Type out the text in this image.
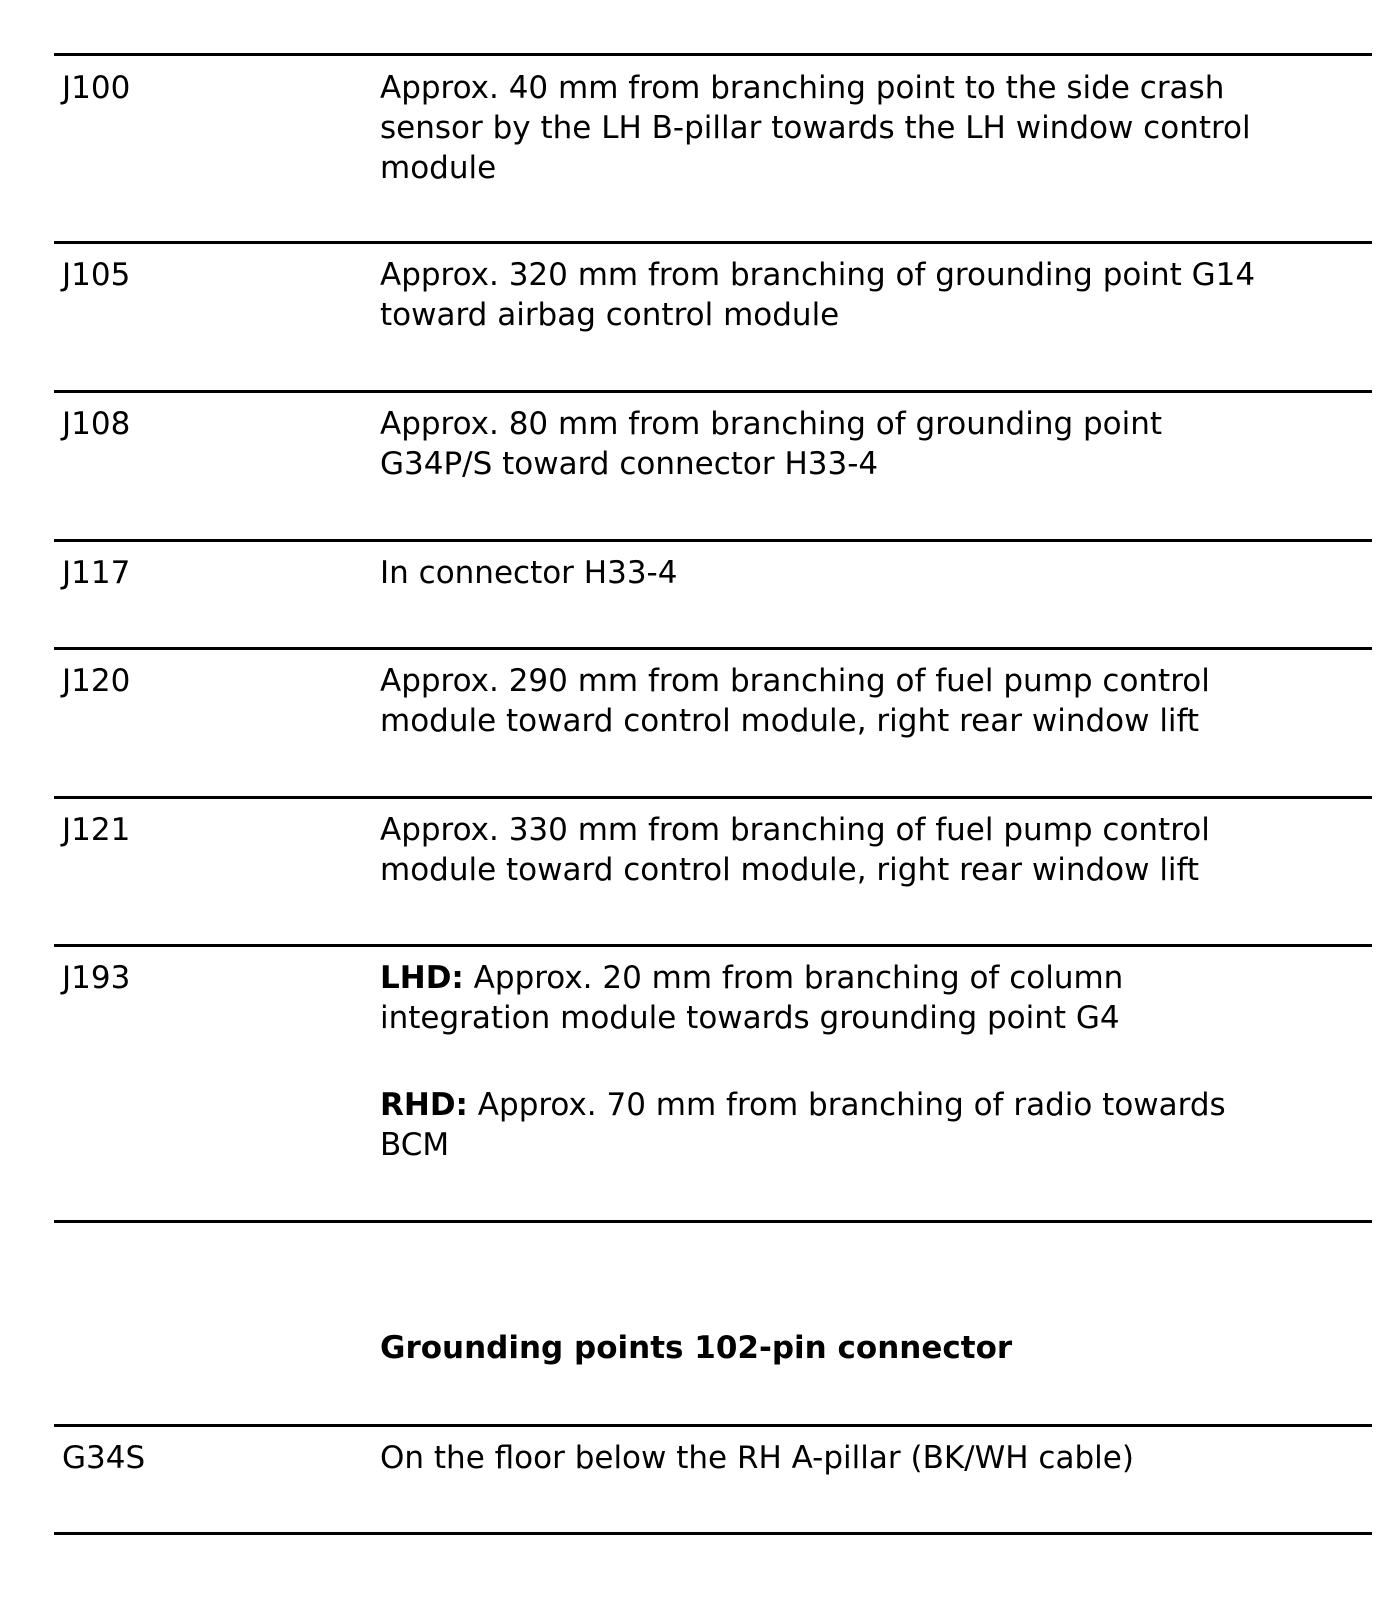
J100	Approx. 40 mm from branching point to the side crash
sensor by the LH B-pillar towards the LH window control
module

J105	Approx. 320 mm from branching of grounding point G14
toward airbag control module

J108	Approx. 80 mm from branching of grounding point
G34P/S toward connector H33-4

J117	In connector H33-4

J120	Approx. 290 mm from branching of fuel pump control
module toward control module, right rear window lift

J121	Approx. 330 mm from branching of fuel pump control
module toward control module, right rear window lift

J193	LHD: Approx. 20 mm from branching of column
integration module towards grounding point G4
RHD: Approx. 70 mm from branching of radio towards
BCM

Grounding points 102-pin connector

G34S	On the floor below the RH A-pillar (BK/WH cable)
